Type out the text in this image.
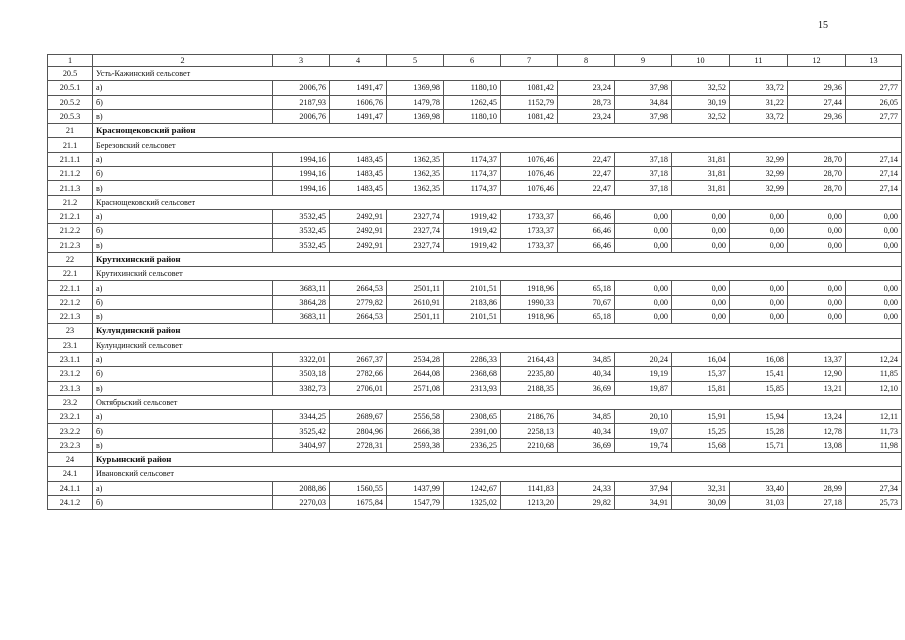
15
1	2	3	4	5	6	7	8	9	10	11	12	13
20.5	Усть-Кажинский сельсовет											
20.5.1	а)	2006,76	1491,47	1369,98	1180,10	1081,42	23,24	37,98	32,52	33,72	29,36	27,77
20.5.2	б)	2187,93	1606,76	1479,78	1262,45	1152,79	28,73	34,84	30,19	31,22	27,44	26,05
20.5.3	в)	2006,76	1491,47	1369,98	1180,10	1081,42	23,24	37,98	32,52	33,72	29,36	27,77
21	Краснощековский район											
21.1	Березовский сельсовет											
21.1.1	а)	1994,16	1483,45	1362,35	1174,37	1076,46	22,47	37,18	31,81	32,99	28,70	27,14
21.1.2	б)	1994,16	1483,45	1362,35	1174,37	1076,46	22,47	37,18	31,81	32,99	28,70	27,14
21.1.3	в)	1994,16	1483,45	1362,35	1174,37	1076,46	22,47	37,18	31,81	32,99	28,70	27,14
21.2	Краснощековский сельсовет											
21.2.1	а)	3532,45	2492,91	2327,74	1919,42	1733,37	66,46	0,00	0,00	0,00	0,00	0,00
21.2.2	б)	3532,45	2492,91	2327,74	1919,42	1733,37	66,46	0,00	0,00	0,00	0,00	0,00
21.2.3	в)	3532,45	2492,91	2327,74	1919,42	1733,37	66,46	0,00	0,00	0,00	0,00	0,00
22	Крутихинский район											
22.1	Крутихинский сельсовет											
22.1.1	а)	3683,11	2664,53	2501,11	2101,51	1918,96	65,18	0,00	0,00	0,00	0,00	0,00
22.1.2	б)	3864,28	2779,82	2610,91	2183,86	1990,33	70,67	0,00	0,00	0,00	0,00	0,00
22.1.3	в)	3683,11	2664,53	2501,11	2101,51	1918,96	65,18	0,00	0,00	0,00	0,00	0,00
23	Кулундинский район											
23.1	Кулундинский сельсовет											
23.1.1	а)	3322,01	2667,37	2534,28	2286,33	2164,43	34,85	20,24	16,04	16,08	13,37	12,24
23.1.2	б)	3503,18	2782,66	2644,08	2368,68	2235,80	40,34	19,19	15,37	15,41	12,90	11,85
23.1.3	в)	3382,73	2706,01	2571,08	2313,93	2188,35	36,69	19,87	15,81	15,85	13,21	12,10
23.2	Октябрьский сельсовет											
23.2.1	а)	3344,25	2689,67	2556,58	2308,65	2186,76	34,85	20,10	15,91	15,94	13,24	12,11
23.2.2	б)	3525,42	2804,96	2666,38	2391,00	2258,13	40,34	19,07	15,25	15,28	12,78	11,73
23.2.3	в)	3404,97	2728,31	2593,38	2336,25	2210,68	36,69	19,74	15,68	15,71	13,08	11,98
24	Курьинский район											
24.1	Ивановский сельсовет											
24.1.1	а)	2088,86	1560,55	1437,99	1242,67	1141,83	24,33	37,94	32,31	33,40	28,99	27,34
24.1.2	б)	2270,03	1675,84	1547,79	1325,02	1213,20	29,82	34,91	30,09	31,03	27,18	25,73
